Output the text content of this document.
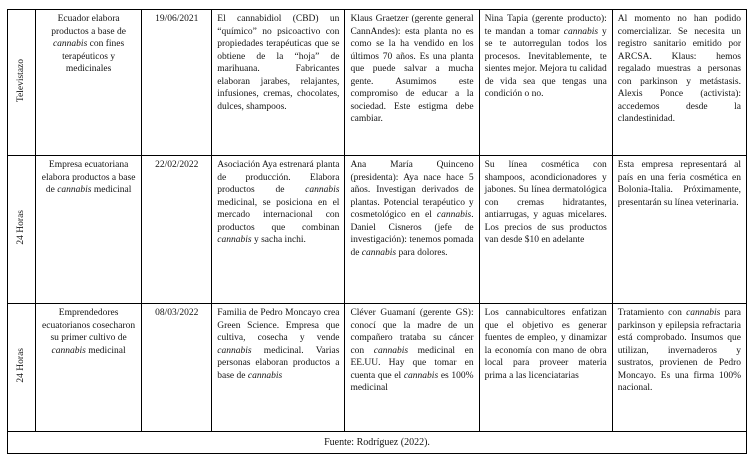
Televistazo	Ecuador elabora productos a base de cannabis con fines terapéuticos y medicinales	19/06/2021	El cannabidiol (CBD) un “químico” no psicoactivo con propiedades terapéuticas que se obtiene de la “hoja” de marihuana. Fabricantes elaboran jarabes, relajantes, infusiones, cremas, chocolates, dulces, shampoos.	Klaus Graetzer (gerente general CannAndes): esta planta no es como se la ha vendido en los últimos 70 años. Es una planta que puede salvar a mucha gente. Asumimos este compromiso de educar a la sociedad. Este estigma debe cambiar.	Nina Tapia (gerente producto): te mandan a tomar cannabis y se te autorregulan todos los procesos. Inevitablemente, te sientes mejor. Mejora tu calidad de vida sea que tengas una condición o no.	Al momento no han podido comercializar. Se necesita un registro sanitario emitido por ARCSA. Klaus: hemos regalado muestras a personas con parkinson y metástasis. Alexis Ponce (activista): accedemos desde la clandestinidad.
24 Horas	Empresa ecuatoriana elabora productos a base de cannabis medicinal	22/02/2022	Asociación Aya estrenará planta de producción. Elabora productos de cannabis medicinal, se posiciona en el mercado internacional con productos que combinan cannabis y sacha inchi.	Ana María Quinceno (presidenta): Aya nace hace 5 años. Investigan derivados de plantas. Potencial terapéutico y cosmetológico en el cannabis. Daniel Cisneros (jefe de investigación): tenemos pomada de cannabis para dolores.	Su línea cosmética con shampoos, acondicionadores y jabones. Su línea dermatológica con cremas hidratantes, antiarrugas, y aguas micelares. Los precios de sus productos van desde $10 en adelante	Esta empresa representará al país en una feria cosmética en Bolonia-Italia. Próximamente, presentarán su línea veterinaria.
24 Horas	Emprendedores ecuatorianos cosecharon su primer cultivo de cannabis medicinal	08/03/2022	Familia de Pedro Moncayo crea Green Science. Empresa que cultiva, cosecha y vende cannabis medicinal. Varias personas elaboran productos a base de cannabis	Cléver Guamaní (gerente GS): conocí que la madre de un compañero trataba su cáncer con cannabis medicinal en EE.UU. Hay que tomar en cuenta que el cannabis es 100% medicinal	Los cannabicultores enfatizan que el objetivo es generar fuentes de empleo, y dinamizar la economía con mano de obra local para proveer materia prima a las licenciatarias	Tratamiento con cannabis para parkinson y epilepsia refractaria está comprobado. Insumos que utilizan, invernaderos y sustratos, provienen de Pedro Moncayo. Es una firma 100% nacional.
Fuente: Rodríguez (2022).						
